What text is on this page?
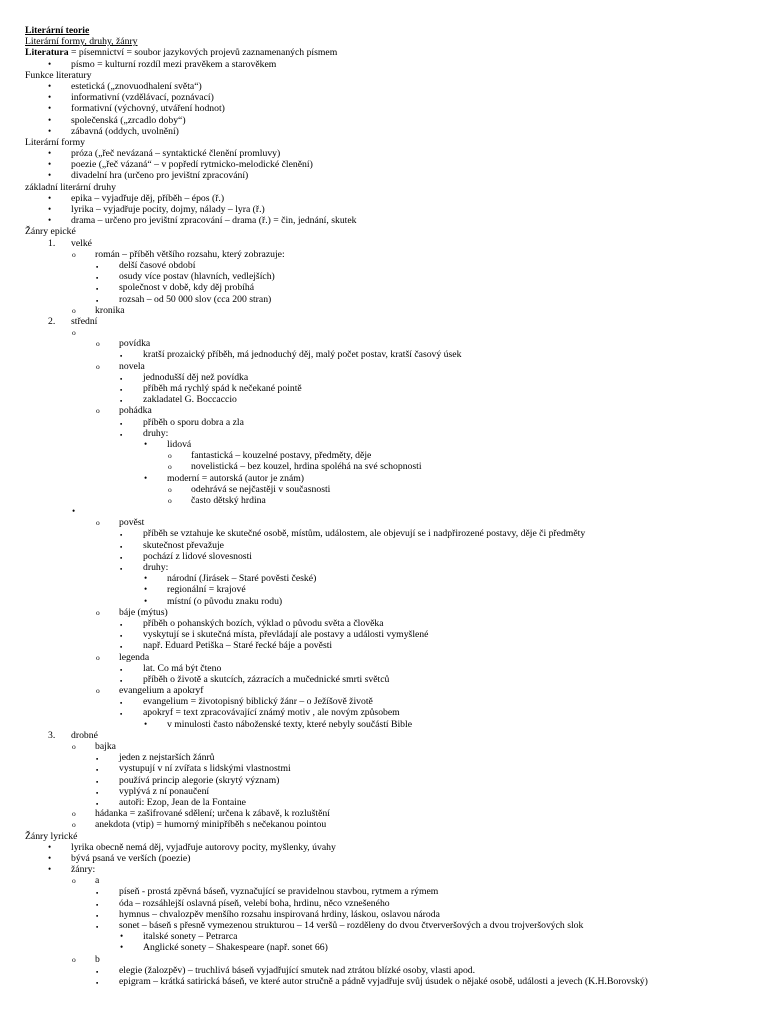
Literární teorie
Literární formy, druhy, žánry
Literatura = písemnictví = soubor jazykových projevů zaznamenaných písmem
• písmo = kulturní rozdíl mezi pravěkem a starověkem
Funkce literatury
• estetická („znovuodhalení světa“)
• informativní (vzdělávací, poznávací)
• formativní (výchovný, utváření hodnot)
• společenská („zrcadlo doby“)
• zábavná (oddych, uvolnění)
Literární formy
• próza („řeč nevázaná – syntaktické členění promluvy)
• poezie („řeč vázaná“ – v popředí rytmicko-melodické členění)
• divadelní hra (určeno pro jevištní zpracování)
základní literární druhy
• epika – vyjadřuje děj, příběh – épos (ř.)
• lyrika – vyjadřuje pocity, dojmy, nálady – lyra (ř.)
• drama – určeno pro jevištní zpracování – drama (ř.) = čin, jednání, skutek
Žánry epické
1. velké
o román – příběh většího rozsahu, který zobrazuje:
▪ delší časové období
▪ osudy více postav (hlavních, vedlejších)
▪ společnost v době, kdy děj probíhá
▪ rozsah – od 50 000 slov (cca 200 stran)
o kronika
2. střední
o
o povídka
▪ kratší prozaický příběh, má jednoduchý děj, malý počet postav, kratší časový úsek
o novela
▪ jednodušší děj než povídka
▪ příběh má rychlý spád k nečekané pointě
▪ zakladatel G. Boccaccio
o pohádka
▪ příběh o sporu dobra a zla
▪ druhy:
• lidová
o fantastická – kouzelné postavy, předměty, děje
o novelistická – bez kouzel, hrdina spoléhá na své schopnosti
• moderní = autorská (autor je znám)
o odehrává se nejčastěji v současnosti
o často dětský hrdina
•
o pověst
▪ příběh se vztahuje ke skutečné osobě, místům, událostem, ale objevují se i nadpřirozené postavy, děje či předměty
▪ skutečnost převažuje
▪ pochází z lidové slovesnosti
▪ druhy:
• národní (Jirásek – Staré pověsti české)
• regionální = krajové
• místní (o původu znaku rodu)
o báje (mýtus)
▪ příběh o pohanských bozích, výklad o původu světa a člověka
▪ vyskytují se i skutečná místa, převládají ale postavy a události vymyšlené
▪ např. Eduard Petiška – Staré řecké báje a pověsti
o legenda
▪ lat. Co má být čteno
▪ příběh o životě a skutcích, zázracích a mučednické smrti světců
o evangelium a apokryf
▪ evangelium = životopisný biblický žánr – o Ježíšově životě
▪ apokryf = text zpracovávající známý motiv , ale novým způsobem
• v minulosti často náboženské texty, které nebyly součástí Bible
3. drobné
o bajka
▪ jeden z nejstarších žánrů
▪ vystupují v ní zvířata s lidskými vlastnostmi
▪ používá princip alegorie (skrytý význam)
▪ vyplývá z ní ponaučení
▪ autoři: Ezop, Jean de la Fontaine
o hádanka = zašifrované sdělení; určena k zábavě, k rozluštění
o anekdota (vtip) = humorný minipříběh s nečekanou pointou
Žánry lyrické
• lyrika obecně nemá děj, vyjadřuje autorovy pocity, myšlenky, úvahy
• bývá psaná ve verších (poezie)
• žánry:
o a
▪ píseň - prostá zpěvná báseň, vyznačující se pravidelnou stavbou, rytmem a rýmem
▪ óda – rozsáhlejší oslavná píseň, velebí boha, hrdinu, něco vznešeného
▪ hymnus – chvalozpěv menšího rozsahu inspirovaná hrdiny, láskou, oslavou národa
▪ sonet – báseň s přesně vymezenou strukturou – 14 veršů – rozděleny do dvou čtververšových a dvou trojveršových slok
• italské sonety – Petrarca
• Anglické sonety – Shakespeare (např. sonet 66)
o b
▪ elegie (žalozpěv) – truchlivá báseň vyjadřující smutek nad ztrátou blízké osoby, vlasti apod.
▪ epigram – krátká satirická báseň, ve které autor stručně a pádně vyjadřuje svůj úsudek o nějaké osobě, události a jevech (K.H.Borovský)
